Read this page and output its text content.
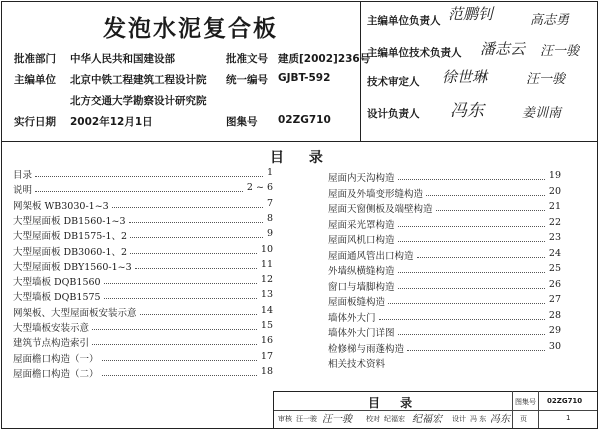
发泡水泥复合板
批准部门 中华人民共和国建设部	批准文号 建质[2002]236号
主编单位 北京中铁工程建筑工程设计院
北方交通大学勘察设计研究院
统一编号 GJBT-592
实行日期 2002年12月1日	图集号 02ZG710
主编单位负责人 范鹏钊	高志勇
主编单位技术负责人 潘志云 汪一骏
技术审定人 徐世琳	汪一骏
设计负责人 冯东	姜训南
目 录
目录	1
说明	2 ~ 6
网架板 WB3030-1~3	7
大型屋面板 DB1560-1~3	8
大型屋面板 DB1575-1、2	9
大型屋面板 DB3060-1、2	10
大型屋面板 DBY1560-1~3	11
大型墙板 DQB1560	12
大型墙板 DQB1575	13
网架板、大型屋面板安装示意	14
大型墙板安装示意	15
建筑节点构造索引	16
屋面檐口构造（一）	17
屋面檐口构造（二）	18
屋面内天沟构造	19
屋面及外墙变形缝构造	20
屋面天窗侧板及端壁构造	21
屋面采光罩构造	22
屋面风机口构造	23
屋面通风管出口构造	24
外墙纵横缝构造	25
窗口与墙脚构造	26
屋面板缝构造	27
墙体外大门	28
墙体外大门详图	29
检修梯与雨蓬构造	30
相关技术资料
目 录	图集号 02ZG710
审核 汪一骏 汪一骏 校对 纪福宏 纪福宏 设计 冯 东 冯东 页	1
